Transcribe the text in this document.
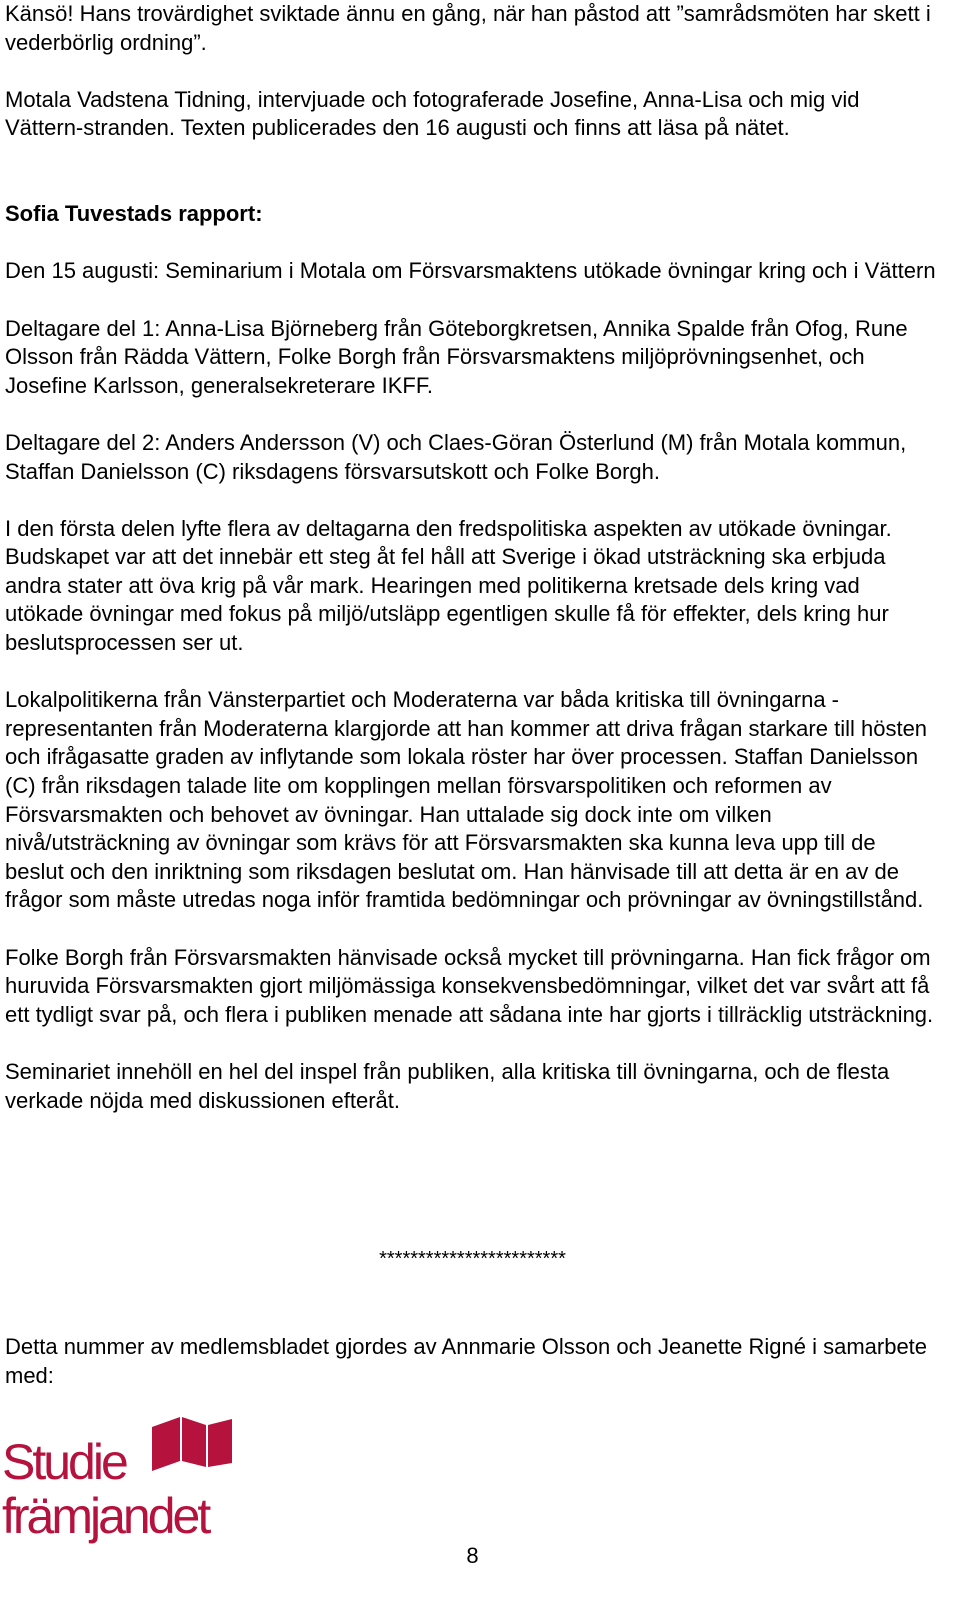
Känsö! Hans trovärdighet sviktade ännu en gång, när han påstod att ”samrådsmöten har skett i vederbörlig ordning”.

Motala Vadstena Tidning, intervjuade och fotograferade Josefine, Anna-Lisa och mig vid Vättern-stranden. Texten publicerades den 16 augusti och finns att läsa på nätet.

Sofia Tuvestads rapport:

Den 15 augusti: Seminarium i Motala om Försvarsmaktens utökade övningar kring och i Vättern

Deltagare del 1: Anna-Lisa Björneberg från Göteborgkretsen, Annika Spalde från Ofog, Rune Olsson från Rädda Vättern, Folke Borgh från Försvarsmaktens miljöprövningsenhet, och Josefine Karlsson, generalsekreterare IKFF.

Deltagare del 2: Anders Andersson (V) och Claes-Göran Österlund (M) från Motala kommun, Staffan Danielsson (C) riksdagens försvarsutskott och Folke Borgh.

I den första delen lyfte flera av deltagarna den fredspolitiska aspekten av utökade övningar. Budskapet var att det innebär ett steg åt fel håll att Sverige i ökad utsträckning ska erbjuda andra stater att öva krig på vår mark. Hearingen med politikerna kretsade dels kring vad utökade övningar med fokus på miljö/utsläpp egentligen skulle få för effekter, dels kring hur beslutsprocessen ser ut.

Lokalpolitikerna från Vänsterpartiet och Moderaterna var båda kritiska till övningarna - representanten från Moderaterna klargjorde att han kommer att driva frågan starkare till hösten och ifrågasatte graden av inflytande som lokala röster har över processen. Staffan Danielsson (C) från riksdagen talade lite om kopplingen mellan försvarspolitiken och reformen av Försvarsmakten och behovet av övningar. Han uttalade sig dock inte om vilken nivå/utsträckning av övningar som krävs för att Försvarsmakten ska kunna leva upp till de beslut och den inriktning som riksdagen beslutat om. Han hänvisade till att detta är en av de frågor som måste utredas noga inför framtida bedömningar och prövningar av övningstillstånd.

Folke Borgh från Försvarsmakten hänvisade också mycket till prövningarna. Han fick frågor om huruvida Försvarsmakten gjort miljömässiga konsekvensbedömningar, vilket det var svårt att få ett tydligt svar på, och flera i publiken menade att sådana inte har gjorts i tillräcklig utsträckning.

Seminariet innehöll en hel del inspel från publiken, alla kritiska till övningarna, och de flesta verkade nöjda med diskussionen efteråt.

************************

Detta nummer av medlemsbladet gjordes av Annmarie Olsson och Jeanette Rigné i samarbete med:

Studie
främjandet
8
